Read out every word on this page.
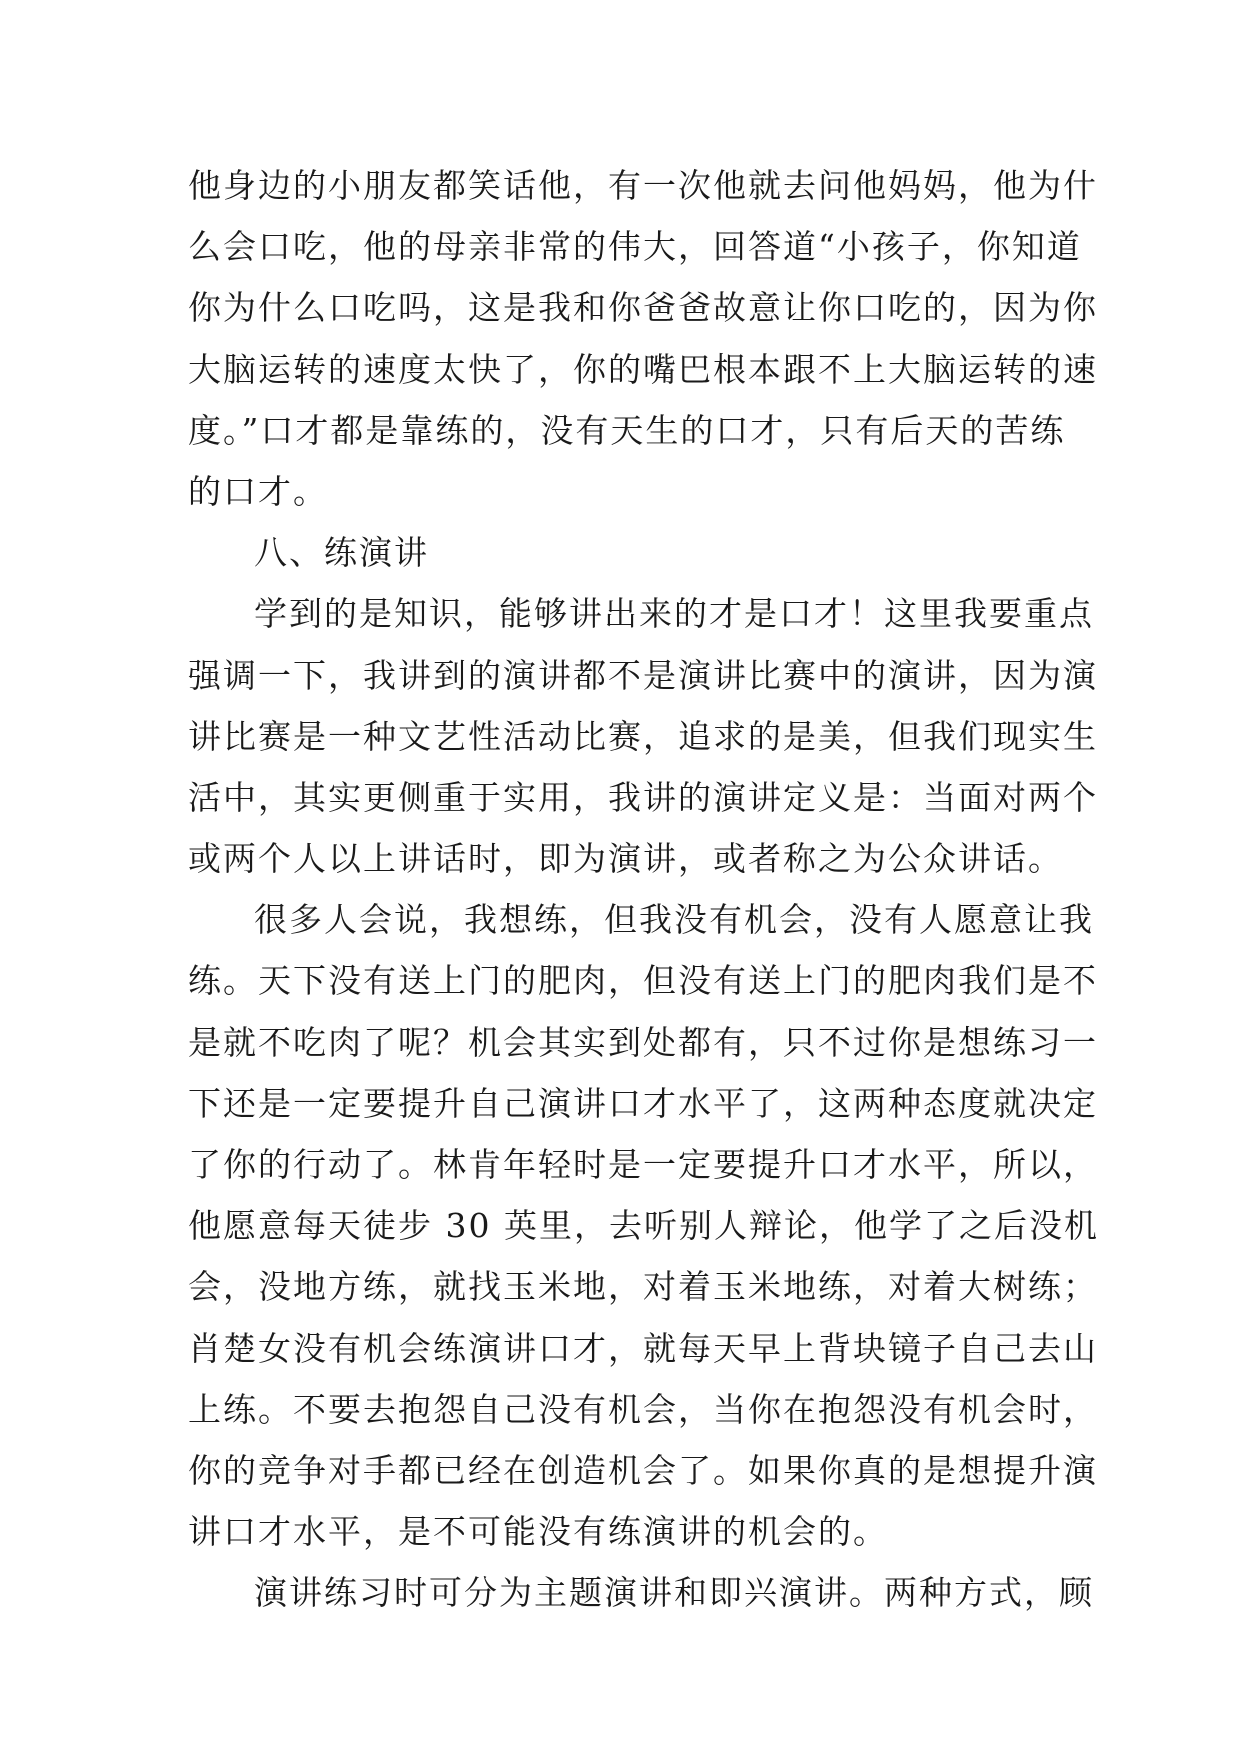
他身边的小朋友都笑话他，有一次他就去问他妈妈，他为什
么会口吃，他的母亲非常的伟大，回答道“小孩子，你知道
你为什么口吃吗，这是我和你爸爸故意让你口吃的，因为你
大脑运转的速度太快了，你的嘴巴根本跟不上大脑运转的速
度。”口才都是靠练的，没有天生的口才，只有后天的苦练
的口才。
八、练演讲
学到的是知识，能够讲出来的才是口才！这里我要重点
强调一下，我讲到的演讲都不是演讲比赛中的演讲，因为演
讲比赛是一种文艺性活动比赛，追求的是美，但我们现实生
活中，其实更侧重于实用，我讲的演讲定义是：当面对两个
或两个人以上讲话时，即为演讲，或者称之为公众讲话。
很多人会说，我想练，但我没有机会，没有人愿意让我
练。天下没有送上门的肥肉，但没有送上门的肥肉我们是不
是就不吃肉了呢？机会其实到处都有，只不过你是想练习一
下还是一定要提升自己演讲口才水平了，这两种态度就决定
了你的行动了。林肯年轻时是一定要提升口才水平，所以，
他愿意每天徒步 30 英里，去听别人辩论，他学了之后没机
会，没地方练，就找玉米地，对着玉米地练，对着大树练；
肖楚女没有机会练演讲口才，就每天早上背块镜子自己去山
上练。不要去抱怨自己没有机会，当你在抱怨没有机会时，
你的竞争对手都已经在创造机会了。如果你真的是想提升演
讲口才水平，是不可能没有练演讲的机会的。
演讲练习时可分为主题演讲和即兴演讲。两种方式，顾
